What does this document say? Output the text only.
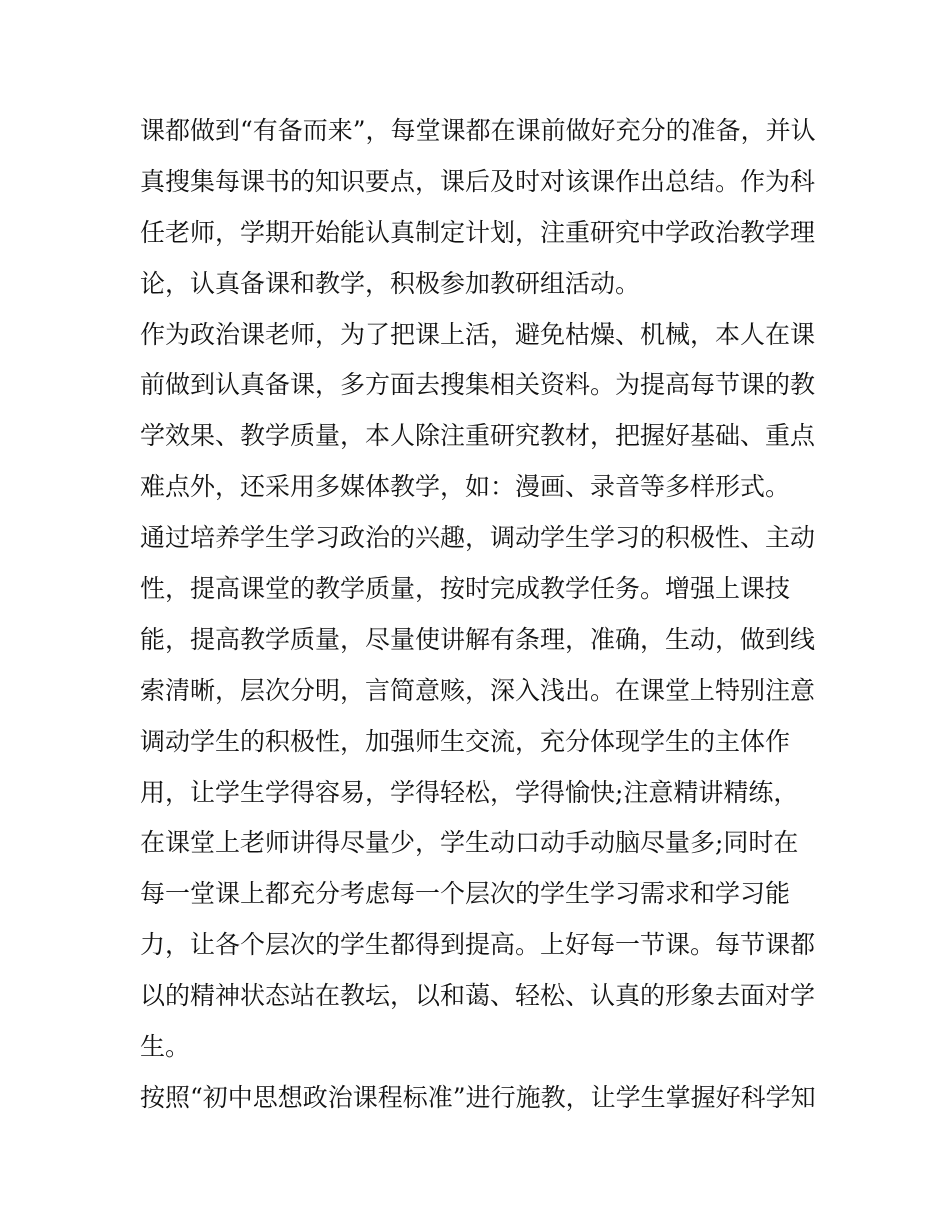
课都做到“有备而来”，每堂课都在课前做好充分的准备，并认
真搜集每课书的知识要点，课后及时对该课作出总结。作为科
任老师，学期开始能认真制定计划，注重研究中学政治教学理
论，认真备课和教学，积极参加教研组活动。
作为政治课老师，为了把课上活，避免枯燥、机械，本人在课
前做到认真备课，多方面去搜集相关资料。为提高每节课的教
学效果、教学质量，本人除注重研究教材，把握好基础、重点
难点外，还采用多媒体教学，如：漫画、录音等多样形式。
通过培养学生学习政治的兴趣，调动学生学习的积极性、主动
性，提高课堂的教学质量，按时完成教学任务。增强上课技
能，提高教学质量，尽量使讲解有条理，准确，生动，做到线
索清晰，层次分明，言简意赅，深入浅出。在课堂上特别注意
调动学生的积极性，加强师生交流，充分体现学生的主体作
用，让学生学得容易，学得轻松，学得愉快;注意精讲精练，
在课堂上老师讲得尽量少，学生动口动手动脑尽量多;同时在
每一堂课上都充分考虑每一个层次的学生学习需求和学习能
力，让各个层次的学生都得到提高。上好每一节课。每节课都
以的精神状态站在教坛，以和蔼、轻松、认真的形象去面对学
生。
按照“初中思想政治课程标准”进行施教，让学生掌握好科学知
